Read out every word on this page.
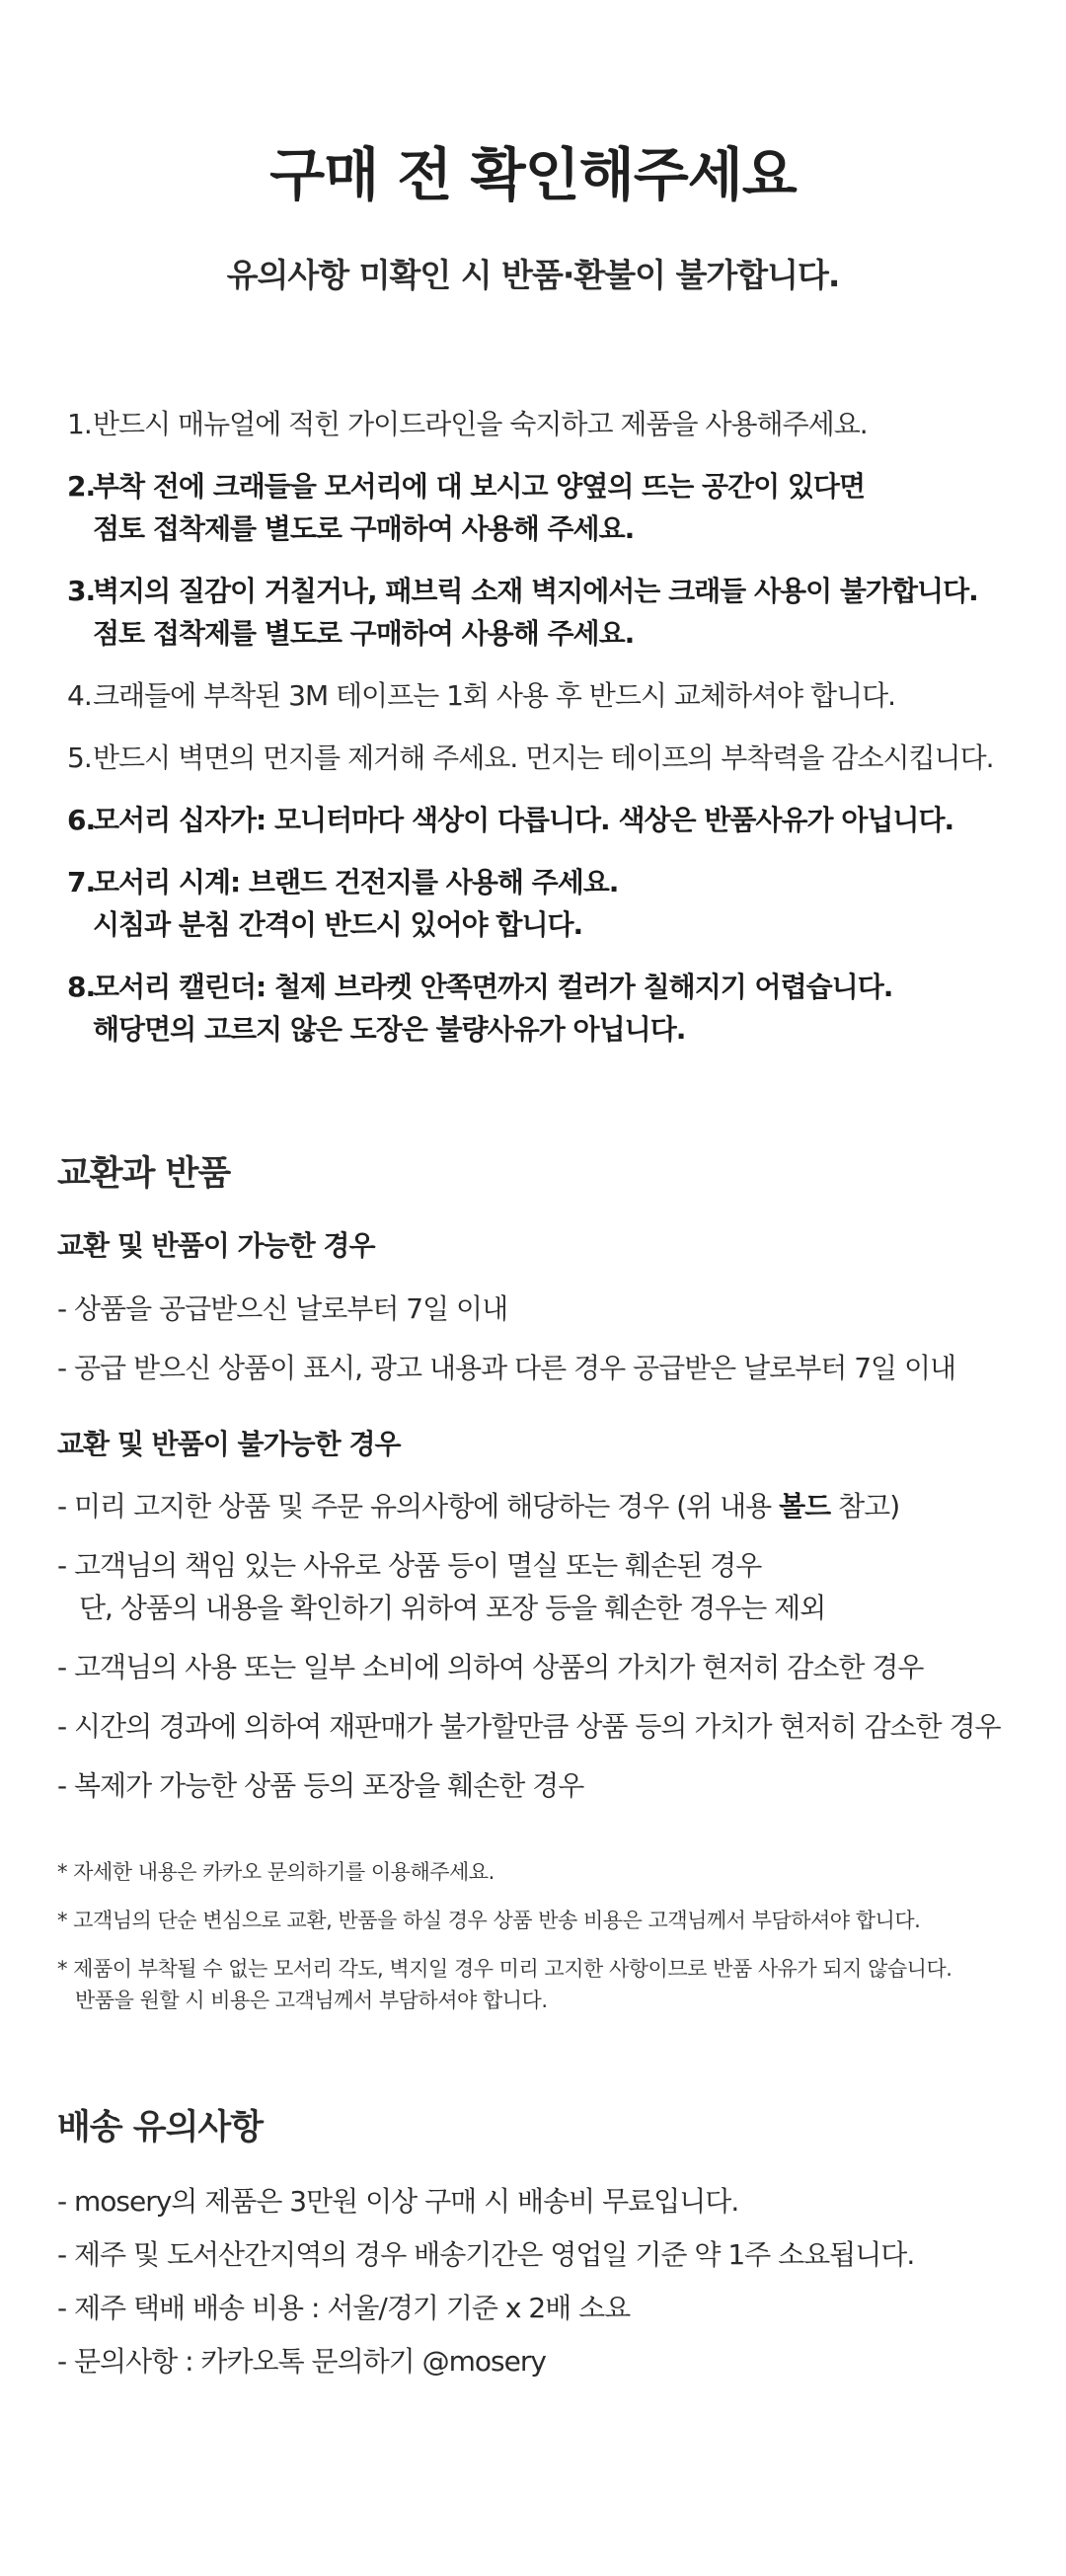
구매 전 확인해주세요
유의사항 미확인 시 반품·환불이 불가합니다.
1. 반드시 매뉴얼에 적힌 가이드라인을 숙지하고 제품을 사용해주세요.
2.
부착 전에 크래들을 모서리에 대 보시고 양옆의 뜨는 공간이 있다면
점토 접착제를 별도로 구매하여 사용해 주세요.
3.
벽지의 질감이 거칠거나, 패브릭 소재 벽지에서는 크래들 사용이 불가합니다.
점토 접착제를 별도로 구매하여 사용해 주세요.
4. 크래들에 부착된 3M 테이프는 1회 사용 후 반드시 교체하셔야 합니다.
5. 반드시 벽면의 먼지를 제거해 주세요. 먼지는 테이프의 부착력을 감소시킵니다.
6.
모서리 십자가: 모니터마다 색상이 다릅니다. 색상은 반품사유가 아닙니다.
7.
모서리 시계: 브랜드 건전지를 사용해 주세요.
시침과 분침 간격이 반드시 있어야 합니다.
8.
모서리 캘린더: 철제 브라켓 안쪽면까지 컬러가 칠해지기 어렵습니다.
해당면의 고르지 않은 도장은 불량사유가 아닙니다.
교환과 반품
교환 및 반품이 가능한 경우
- 상품을 공급받으신 날로부터 7일 이내
- 공급 받으신 상품이 표시, 광고 내용과 다른 경우 공급받은 날로부터 7일 이내
교환 및 반품이 불가능한 경우
- 미리 고지한 상품 및 주문 유의사항에 해당하는 경우 (위 내용 볼드 참고)
- 고객님의 책임 있는 사유로 상품 등이 멸실 또는 훼손된 경우
단, 상품의 내용을 확인하기 위하여 포장 등을 훼손한 경우는 제외
- 고객님의 사용 또는 일부 소비에 의하여 상품의 가치가 현저히 감소한 경우
- 시간의 경과에 의하여 재판매가 불가할만큼 상품 등의 가치가 현저히 감소한 경우
- 복제가 가능한 상품 등의 포장을 훼손한 경우
* 자세한 내용은 카카오 문의하기를 이용해주세요.
* 고객님의 단순 변심으로 교환, 반품을 하실 경우 상품 반송 비용은 고객님께서 부담하셔야 합니다.
* 제품이 부착될 수 없는 모서리 각도, 벽지일 경우 미리 고지한 사항이므로 반품 사유가 되지 않습니다.
반품을 원할 시 비용은 고객님께서 부담하셔야 합니다.
배송 유의사항
- mosery의 제품은 3만원 이상 구매 시 배송비 무료입니다.
- 제주 및 도서산간지역의 경우 배송기간은 영업일 기준 약 1주 소요됩니다.
- 제주 택배 배송 비용 : 서울/경기 기준 x 2배 소요
- 문의사항 : 카카오톡 문의하기 @mosery
